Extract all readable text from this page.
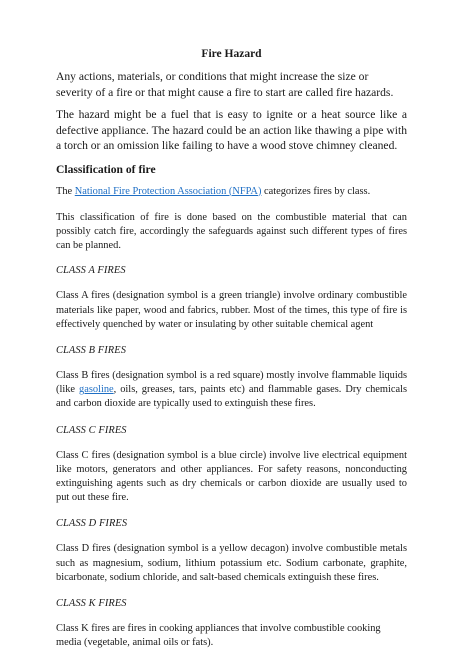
Fire Hazard

Any actions, materials, or conditions that might increase the size or severity of a fire or that might cause a fire to start are called fire hazards.

The hazard might be a fuel that is easy to ignite or a heat source like a defective appliance. The hazard could be an action like thawing a pipe with a torch or an omission like failing to have a wood stove chimney cleaned.

Classification of fire

The National Fire Protection Association (NFPA) categorizes fires by class.

This classification of fire is done based on the combustible material that can possibly catch fire, accordingly the safeguards against such different types of fires can be planned.

CLASS A FIRES

Class A fires (designation symbol is a green triangle) involve ordinary combustible materials like paper, wood and fabrics, rubber. Most of the times, this type of fire is effectively quenched by water or insulating by other suitable chemical agent

CLASS B FIRES

Class B fires (designation symbol is a red square) mostly involve flammable liquids (like gasoline, oils, greases, tars, paints etc) and flammable gases. Dry chemicals and carbon dioxide are typically used to extinguish these fires.

CLASS C FIRES

Class C fires (designation symbol is a blue circle) involve live electrical equipment like motors, generators and other appliances. For safety reasons, nonconducting extinguishing agents such as dry chemicals or carbon dioxide are usually used to put out these fire.

CLASS D FIRES

Class D fires (designation symbol is a yellow decagon) involve combustible metals such as magnesium, sodium, lithium potassium etc. Sodium carbonate, graphite, bicarbonate, sodium chloride, and salt-based chemicals extinguish these fires.

CLASS K FIRES

Class K fires are fires in cooking appliances that involve combustible cooking media (vegetable, animal oils or fats).
